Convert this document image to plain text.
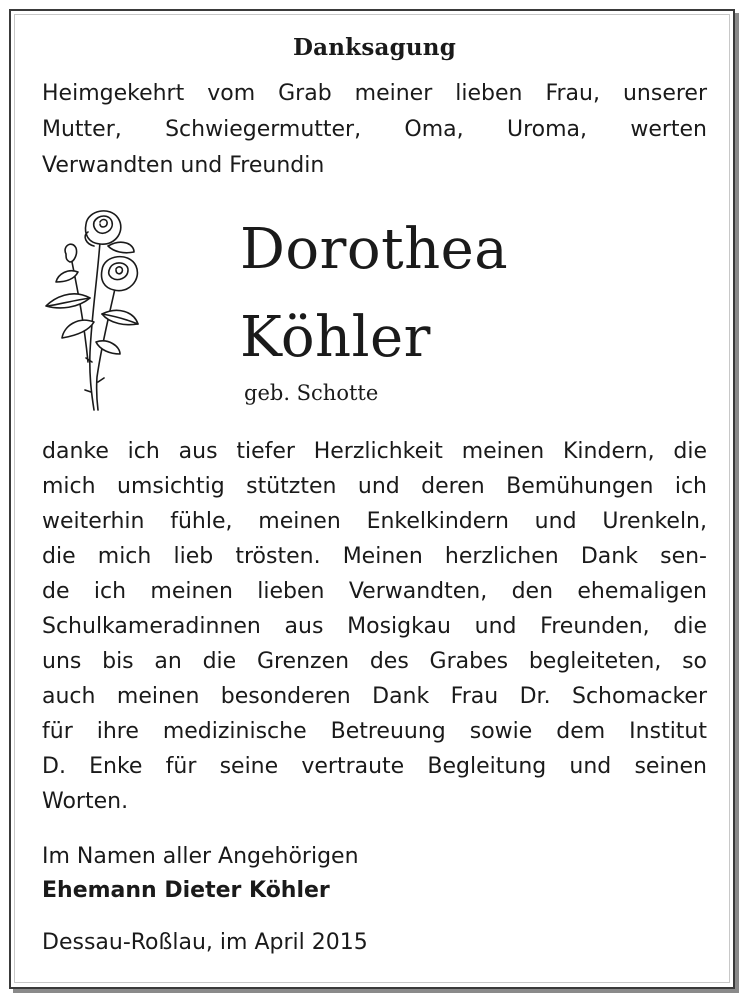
Danksagung
Heimgekehrt vom Grab meiner lieben Frau, unserer
Mutter, Schwiegermutter, Oma, Uroma, werten
Verwandten und Freundin
Dorothea
Köhler
geb. Schotte
danke ich aus tiefer Herzlichkeit meinen Kindern, die
mich umsichtig stützten und deren Bemühungen ich
weiterhin fühle, meinen Enkelkindern und Urenkeln,
die mich lieb trösten. Meinen herzlichen Dank sen-
de ich meinen lieben Verwandten, den ehemaligen
Schulkameradinnen aus Mosigkau und Freunden, die
uns bis an die Grenzen des Grabes begleiteten, so
auch meinen besonderen Dank Frau Dr. Schomacker
für ihre medizinische Betreuung sowie dem Institut
D. Enke für seine vertraute Begleitung und seinen
Worten.
Im Namen aller Angehörigen
Ehemann Dieter Köhler
Dessau-Roßlau, im April 2015
